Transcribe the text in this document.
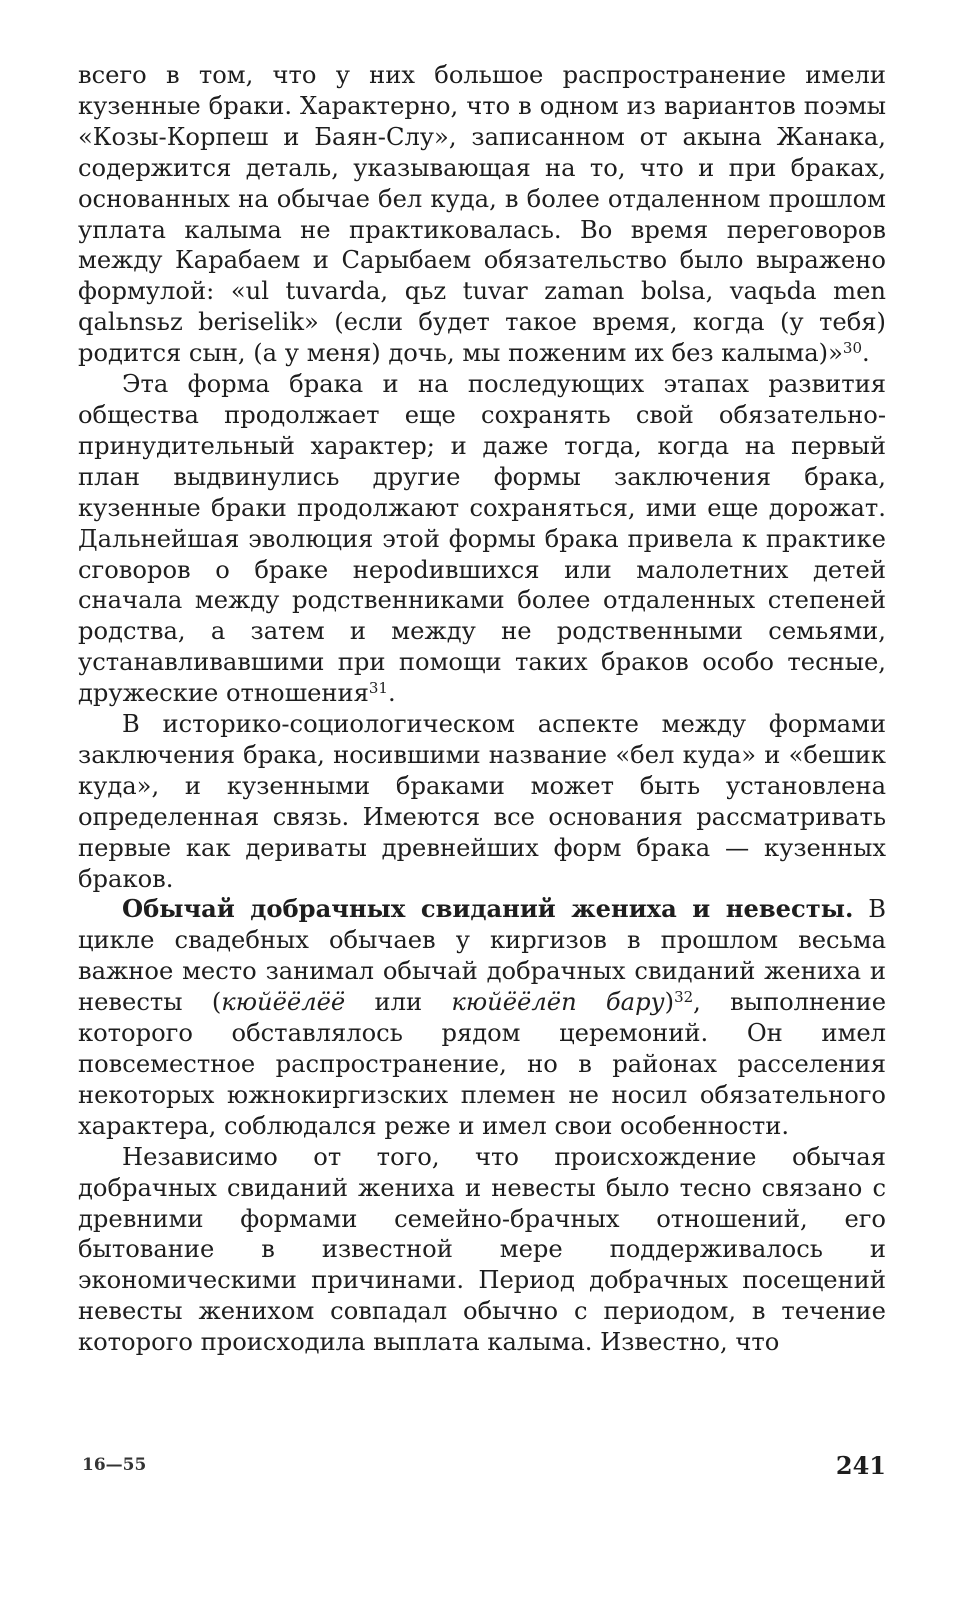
всего в том, что у них большое распространение имели кузенные браки. Характерно, что в одном из вариантов поэмы «Козы-Корпеш и Баян-Слу», записанном от акына Жанака, содержится деталь, указывающая на то, что и при браках, основанных на обычае бел куда, в более отдаленном прошлом уплата калыма не практиковалась. Во время переговоров между Карабаем и Сарыбаем обязательство было выражено формулой: «ul tuvarda, qьz tuvar zaman bolsa, vaqьda men qalьnsьz beriselik» (если будет такое время, когда (у тебя) родится сын, (а у меня) дочь, мы поженим их без калыма)»$^{30}$.

Эта форма брака и на последующих этапах развития общества продолжает еще сохранять свой обязательно-принудительный характер; и даже тогда, когда на первый план выдвинулись другие формы заключения брака, кузенные браки продолжают сохраняться, ими еще дорожат. Дальнейшая эволюция этой формы брака привела к практике сговоров о браке нерodившихся или малолетних детей сначала между родственниками более отдаленных степеней родства, а затем и между не родственными семьями, устанавливавшими при помощи таких браков особо тесные, дружеские отношения$^{31}$.

В историко-социологическом аспекте между формами заключения брака, носившими название «бел куда» и «бешик куда», и кузенными браками может быть установлена определенная связь. Имеются все основания рассматривать первые как дериваты древнейших форм брака — кузенных браков.

Обычай добрачных свиданий жениха и невесты. В цикле свадебных обычаев у киргизов в прошлом весьма важное место занимал обычай добрачных свиданий жениха и невесты (кюйёёлёё или кюйёёлёп бару)$^{32}$, выполнение которого обставлялось рядом церемоний. Он имел повсеместное распространение, но в районах расселения некоторых южнокиргизских племен не носил обязательного характера, соблюдался реже и имел свои особенности.

Независимо от того, что происхождение обычая добрачных свиданий жениха и невесты было тесно связано с древними формами семейно-брачных отношений, его бытование в известной мере поддерживалось и экономическими причинами. Период добрачных посещений невесты женихом совпадал обычно с периодом, в течение которого происходила выплата калыма. Известно, что

16—55	241
